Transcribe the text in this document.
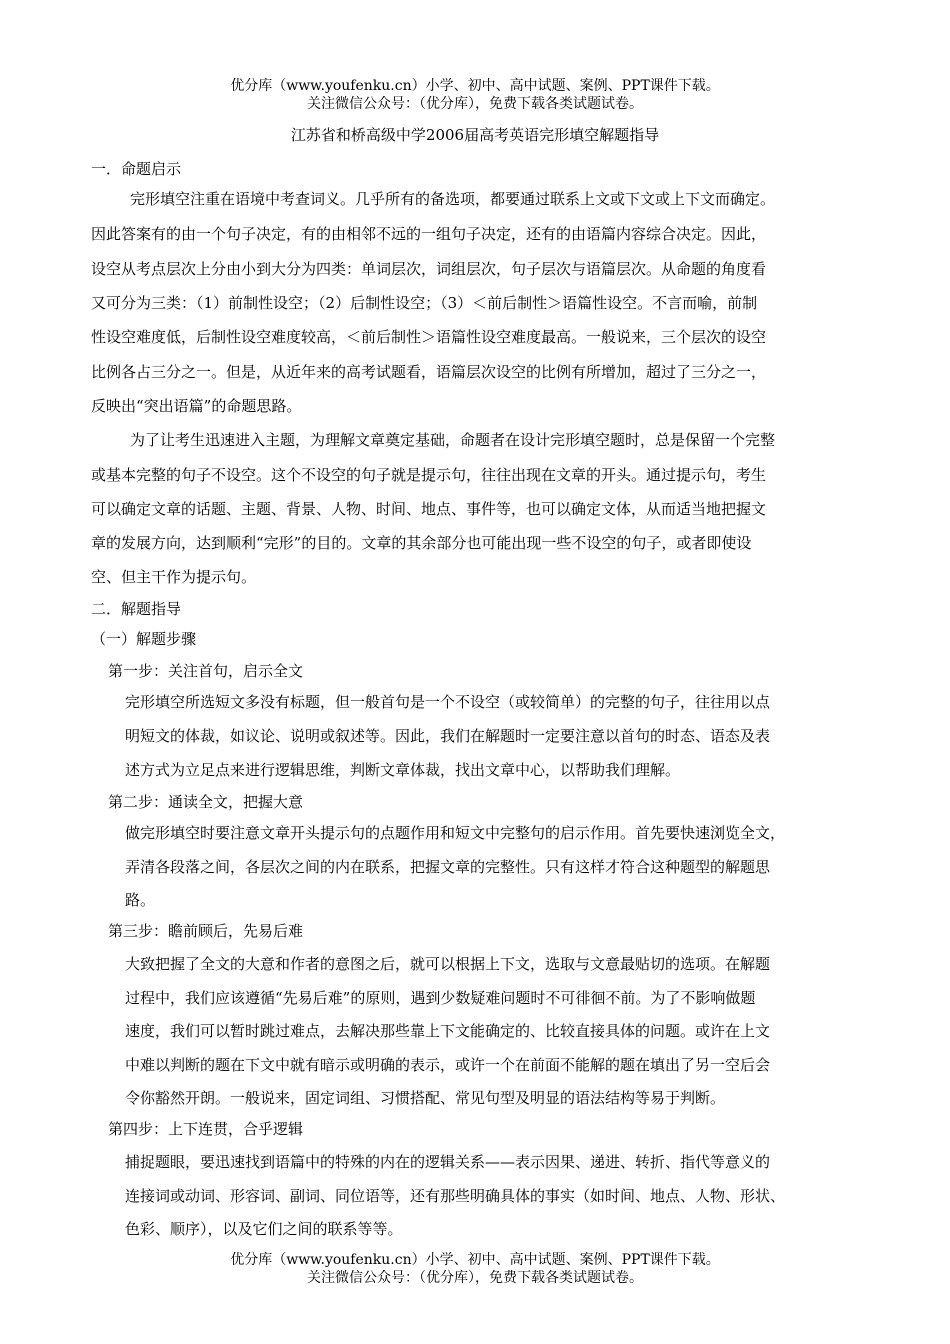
优分库（www.youfenku.cn）小学、初中、高中试题、案例、PPT课件下载。
关注微信公众号：（优分库），免费下载各类试题试卷。
江苏省和桥高级中学2006届高考英语完形填空解题指导
一．命题启示
完形填空注重在语境中考查词义。几乎所有的备选项，都要通过联系上文或下文或上下文而确定。
因此答案有的由一个句子决定，有的由相邻不远的一组句子决定，还有的由语篇内容综合决定。因此，
设空从考点层次上分由小到大分为四类：单词层次，词组层次，句子层次与语篇层次。从命题的角度看
又可分为三类：（1）前制性设空；（2）后制性设空；（3）＜前后制性＞语篇性设空。不言而喻，前制
性设空难度低，后制性设空难度较高，＜前后制性＞语篇性设空难度最高。一般说来，三个层次的设空
比例各占三分之一。但是，从近年来的高考试题看，语篇层次设空的比例有所增加，超过了三分之一，
反映出“突出语篇”的命题思路。
为了让考生迅速进入主题，为理解文章奠定基础，命题者在设计完形填空题时，总是保留一个完整
或基本完整的句子不设空。这个不设空的句子就是提示句，往往出现在文章的开头。通过提示句，考生
可以确定文章的话题、主题、背景、人物、时间、地点、事件等，也可以确定文体，从而适当地把握文
章的发展方向，达到顺利“完形”的目的。文章的其余部分也可能出现一些不设空的句子，或者即使设
空、但主干作为提示句。
二．解题指导
（一）解题步骤
第一步：关注首句，启示全文
完形填空所选短文多没有标题，但一般首句是一个不设空（或较简单）的完整的句子，往往用以点
明短文的体裁，如议论、说明或叙述等。因此，我们在解题时一定要注意以首句的时态、语态及表
述方式为立足点来进行逻辑思维，判断文章体裁，找出文章中心，以帮助我们理解。
第二步：通读全文，把握大意
做完形填空时要注意文章开头提示句的点题作用和短文中完整句的启示作用。首先要快速浏览全文，
弄清各段落之间，各层次之间的内在联系，把握文章的完整性。只有这样才符合这种题型的解题思
路。
第三步：瞻前顾后，先易后难
大致把握了全文的大意和作者的意图之后，就可以根据上下文，选取与文意最贴切的选项。在解题
过程中，我们应该遵循“先易后难”的原则，遇到少数疑难问题时不可徘徊不前。为了不影响做题
速度，我们可以暂时跳过难点，去解决那些靠上下文能确定的、比较直接具体的问题。或许在上文
中难以判断的题在下文中就有暗示或明确的表示，或许一个在前面不能解的题在填出了另一空后会
令你豁然开朗。一般说来，固定词组、习惯搭配、常见句型及明显的语法结构等易于判断。
第四步：上下连贯，合乎逻辑
捕捉题眼，要迅速找到语篇中的特殊的内在的逻辑关系——表示因果、递进、转折、指代等意义的
连接词或动词、形容词、副词、同位语等，还有那些明确具体的事实（如时间、地点、人物、形状、
色彩、顺序），以及它们之间的联系等等。
优分库（www.youfenku.cn）小学、初中、高中试题、案例、PPT课件下载。
关注微信公众号：（优分库），免费下载各类试题试卷。
